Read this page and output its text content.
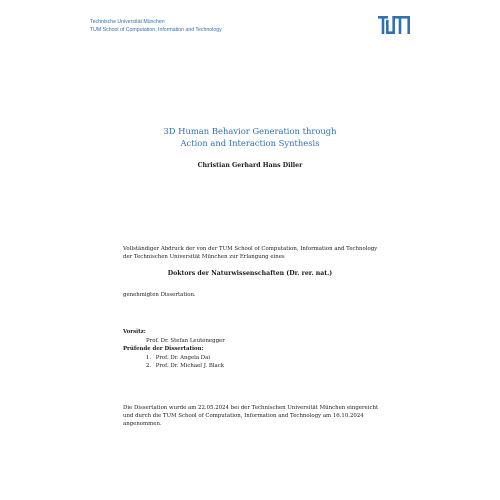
Technische Universität München
TUM School of Computation, Information and Technology
3D Human Behavior Generation through
Action and Interaction Synthesis
Christian Gerhard Hans Diller
Vollständiger Abdruck der von der TUM School of Computation, Information and Technology der Technischen Universität München zur Erlangung eines
Doktors der Naturwissenschaften (Dr. rer. nat.)
genehmigten Dissertation.
Vorsitz:
Prof. Dr. Stefan Leutenegger
Prüfende der Dissertation:
1. Prof. Dr. Angela Dai
2. Prof. Dr. Michael J. Black
Die Dissertation wurde am 22.05.2024 bei der Technischen Universität München eingereicht und durch die TUM School of Computation, Information and Technology am 16.10.2024 angenommen.
